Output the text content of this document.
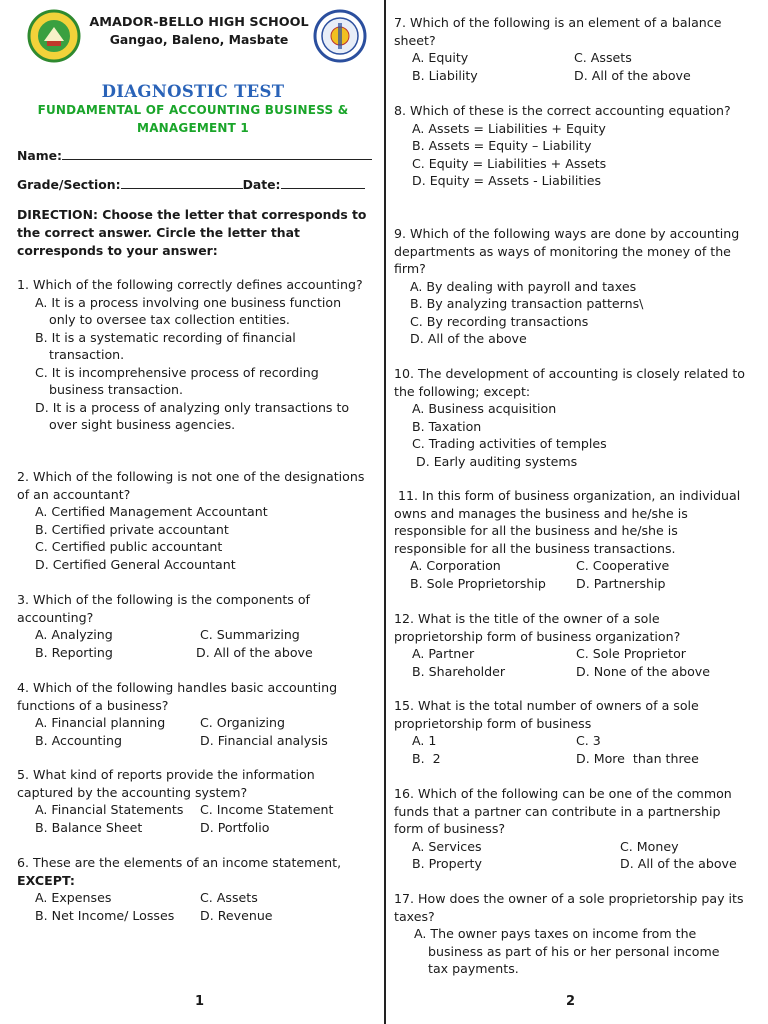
AMADOR-BELLO HIGH SCHOOL
Gangao, Baleno, Masbate
DIAGNOSTIC TEST
FUNDAMENTAL OF ACCOUNTING BUSINESS &
MANAGEMENT 1
Name:
Grade/Section:	Date:
DIRECTION: Choose the letter that corresponds to the correct answer. Circle the letter that corresponds to your answer:
1. Which of the following correctly defines accounting?
A. It is a process involving one business function only to oversee tax collection entities.
B. It is a systematic recording of financial transaction.
C. It is incomprehensive process of recording business transaction.
D. It is a process of analyzing only transactions to over sight business agencies.
2. Which of the following is not one of the designations of an accountant?
A. Certified Management Accountant
B. Certified private accountant
C. Certified public accountant
D. Certified General Accountant
3. Which of the following is the components of accounting?
A. Analyzing	C. Summarizing
B. Reporting	D. All of the above
4. Which of the following handles basic accounting functions of a business?
A. Financial planning	C. Organizing
B. Accounting	D. Financial analysis
5. What kind of reports provide the information captured by the accounting system?
A. Financial Statements	C. Income Statement
B. Balance Sheet	D. Portfolio
6. These are the elements of an income statement,
EXCEPT:
A. Expenses	C. Assets
B. Net Income/ Losses	D. Revenue
1
7. Which of the following is an element of a balance sheet?
A. Equity	C. Assets
B. Liability	D. All of the above
8. Which of these is the correct accounting equation?
A. Assets = Liabilities + Equity
B. Assets = Equity – Liability
C. Equity = Liabilities + Assets
D. Equity = Assets - Liabilities
9. Which of the following ways are done by accounting departments as ways of monitoring the money of the firm?
A. By dealing with payroll and taxes
B. By analyzing transaction patterns\
C. By recording transactions
D. All of the above
10. The development of accounting is closely related to the following; except:
A. Business acquisition
B. Taxation
C. Trading activities of temples
D. Early auditing systems
11. In this form of business organization, an individual owns and manages the business and he/she is responsible for all the business and he/she is responsible for all the business transactions.
A. Corporation	C. Cooperative
B. Sole Proprietorship	D. Partnership
12. What is the title of the owner of a sole proprietorship form of business organization?
A. Partner	C. Sole Proprietor
B. Shareholder	D. None of the above
15. What is the total number of owners of a sole proprietorship form of business
A. 1	C. 3
B.  2	D. More  than three
16. Which of the following can be one of the common funds that a partner can contribute in a partnership form of business?
A. Services	C. Money
B. Property	D. All of the above
17. How does the owner of a sole proprietorship pay its taxes?
A. The owner pays taxes on income from the business as part of his or her personal income tax payments.
2
